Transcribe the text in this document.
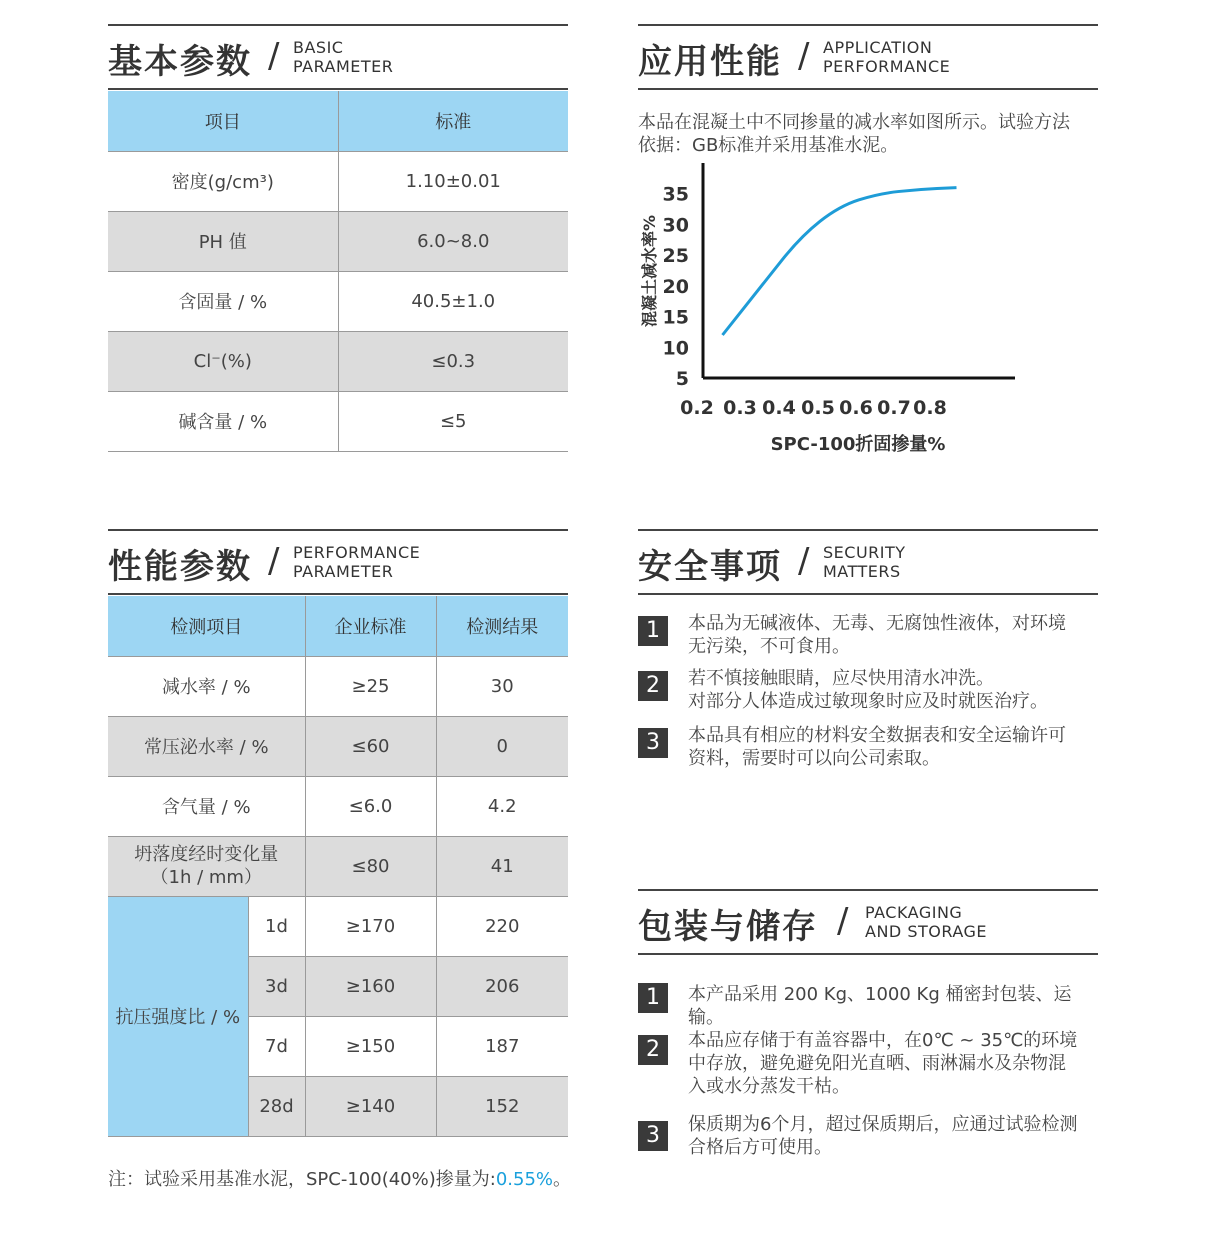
基本参数 / BASIC
PARAMETER
项目	标准
密度(g/cm³)	1.10±0.01
PH 值	6.0~8.0
含固量 / %	40.5±1.0
Cl⁻(%)	≤0.3
碱含量 / %	≤5
应用性能 / APPLICATION
PERFORMANCE
本品在混凝土中不同掺量的减水率如图所示。试验方法
依据：GB标准并采用基准水泥。
5
10
15
20
25
30
35
0.2 0.3 0.4 0.5 0.6 0.7 0.8
SPC-100折固掺量%
混凝土减水率%
性能参数 / PERFORMANCE
PARAMETER
检测项目		企业标准	检测结果
减水率 / %		≥25	30
常压泌水率 / %		≤60	0
含气量 / %		≤6.0	4.2

坍落度经时变化量
（1h / mm）		≤80	41
抗压强度比 / %	1d	≥170	220
	3d	≥160	206
	7d	≥150	187
	28d	≥140	152
注：试验采用基准水泥，SPC-100(40%)掺量为:0.55%。
安全事项 / SECURITY
MATTERS
1	本品为无碱液体、无毒、无腐蚀性液体，对环境
无污染，不可食用。
2	若不慎接触眼睛，应尽快用清水冲洗。
对部分人体造成过敏现象时应及时就医治疗。
3	本品具有相应的材料安全数据表和安全运输许可
资料，需要时可以向公司索取。
包装与储存 / PACKAGING
AND STORAGE
1	本产品采用 200 Kg、1000 Kg 桶密封包装、运输。
2	本品应存储于有盖容器中，在0℃ ~ 35℃的环境
中存放，避免避免阳光直晒、雨淋漏水及杂物混
入或水分蒸发干枯。
3	保质期为6个月，超过保质期后，应通过试验检测
合格后方可使用。
